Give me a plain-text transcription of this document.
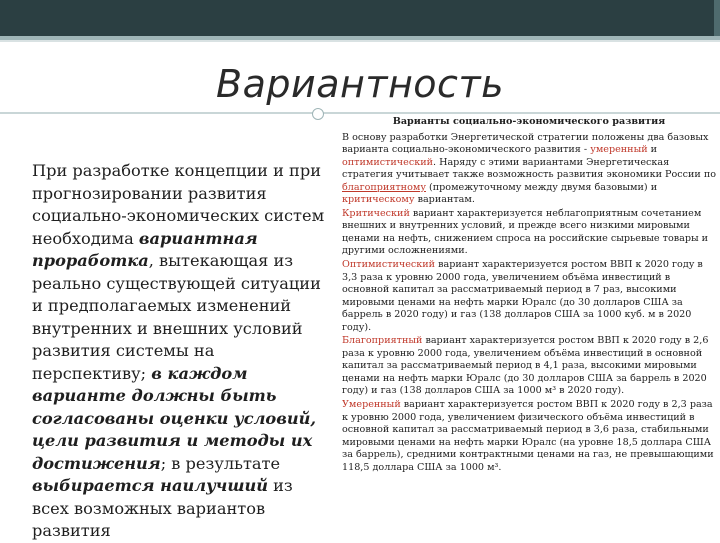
Вариантность
При разработке концепции и при прогнозировании развития социально-экономических систем необходима вариантная проработка, вытекающая из реально существующей ситуации и предполагаемых изменений внутренних и внешних условий развития системы на перспективу; в каждом варианте должны быть согласованы оценки условий, цели развития и методы их достижения; в результате выбирается наилучший из всех возможных вариантов развития
Варианты социально-экономического развития

В основу разработки Энергетической стратегии положены два базовых варианта социально-экономического развития - умеренный и оптимистический. Наряду с этими вариантами Энергетическая стратегия учитывает также возможность развития экономики России по благоприятному (промежуточному между двумя базовыми) и критическому вариантам.

Критический вариант характеризуется неблагоприятным сочетанием внешних и внутренних условий, и прежде всего низкими мировыми ценами на нефть, снижением спроса на российские сырьевые товары и другими осложнениями.

Оптимистический вариант характеризуется ростом ВВП к 2020 году в 3,3 раза к уровню 2000 года, увеличением объёма инвестиций в основной капитал за рассматриваемый период в 7 раз, высокими мировыми ценами на нефть марки Юралс (до 30 долларов США за баррель в 2020 году) и газ (138 долларов США за 1000 куб. м в 2020 году).

Благоприятный вариант характеризуется ростом ВВП к 2020 году в 2,6 раза к уровню 2000 года, увеличением объёма инвестиций в основной капитал за рассматриваемый период в 4,1 раза, высокими мировыми ценами на нефть марки Юралс (до 30 долларов США за баррель в 2020 году) и газ (138 долларов США за 1000 м³ в 2020 году).

Умеренный вариант характеризуется ростом ВВП к 2020 году в 2,3 раза к уровню 2000 года, увеличением физического объёма инвестиций в основной капитал за рассматриваемый период в 3,6 раза, стабильными мировыми ценами на нефть марки Юралс (на уровне 18,5 доллара США за баррель), средними контрактными ценами на газ, не превышающими 118,5 доллара США за 1000 м³.
